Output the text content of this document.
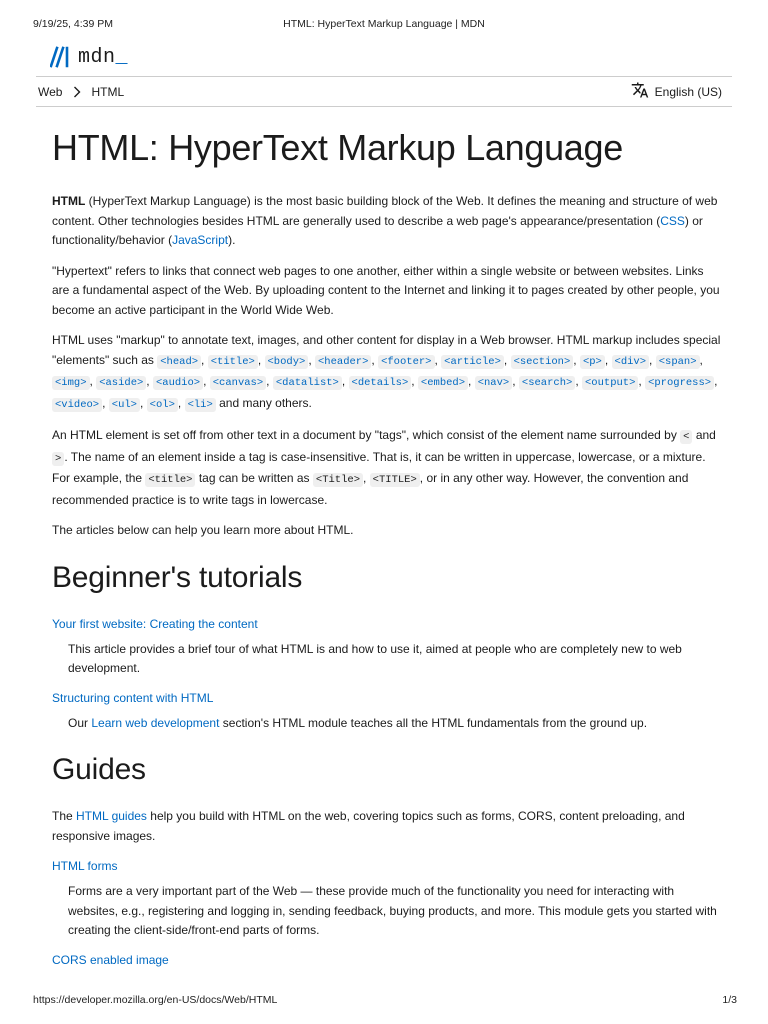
9/19/25, 4:39 PM	HTML: HyperText Markup Language | MDN
mdn_
Web HTML	English (US)
HTML: HyperText Markup Language

HTML (HyperText Markup Language) is the most basic building block of the Web. It defines the meaning and structure of web content. Other technologies besides HTML are generally used to describe a web page's appearance/presentation (CSS) or functionality/behavior (JavaScript).

"Hypertext" refers to links that connect web pages to one another, either within a single website or between websites. Links are a fundamental aspect of the Web. By uploading content to the Internet and linking it to pages created by other people, you become an active participant in the World Wide Web.

HTML uses "markup" to annotate text, images, and other content for display in a Web browser. HTML markup includes special "elements" such as <head> , <title> , <body> , <header> , <footer> , <article> , <section> , <p> , <div> , <span> , <img> , <aside> , <audio> , <canvas> , <datalist> , <details> , <embed> , <nav> , <search> , <output> , <progress> , <video> , <ul> , <ol> , <li> and many others.

An HTML element is set off from other text in a document by "tags", which consist of the element name surrounded by < and > . The name of an element inside a tag is case-insensitive. That is, it can be written in uppercase, lowercase, or a mixture. For example, the <title> tag can be written as <Title> , <TITLE> , or in any other way. However, the convention and recommended practice is to write tags in lowercase.

The articles below can help you learn more about HTML.

Beginner's tutorials
Your first website: Creating the content
This article provides a brief tour of what HTML is and how to use it, aimed at people who are completely new to web development.
Structuring content with HTML
Our Learn web development section's HTML module teaches all the HTML fundamentals from the ground up.
Guides

The HTML guides help you build with HTML on the web, covering topics such as forms, CORS, content preloading, and responsive images.

HTML forms
Forms are a very important part of the Web — these provide much of the functionality you need for interacting with websites, e.g., registering and logging in, sending feedback, buying products, and more. This module gets you started with creating the client-side/front-end parts of forms.
CORS enabled image
https://developer.mozilla.org/en-US/docs/Web/HTML	1/3
